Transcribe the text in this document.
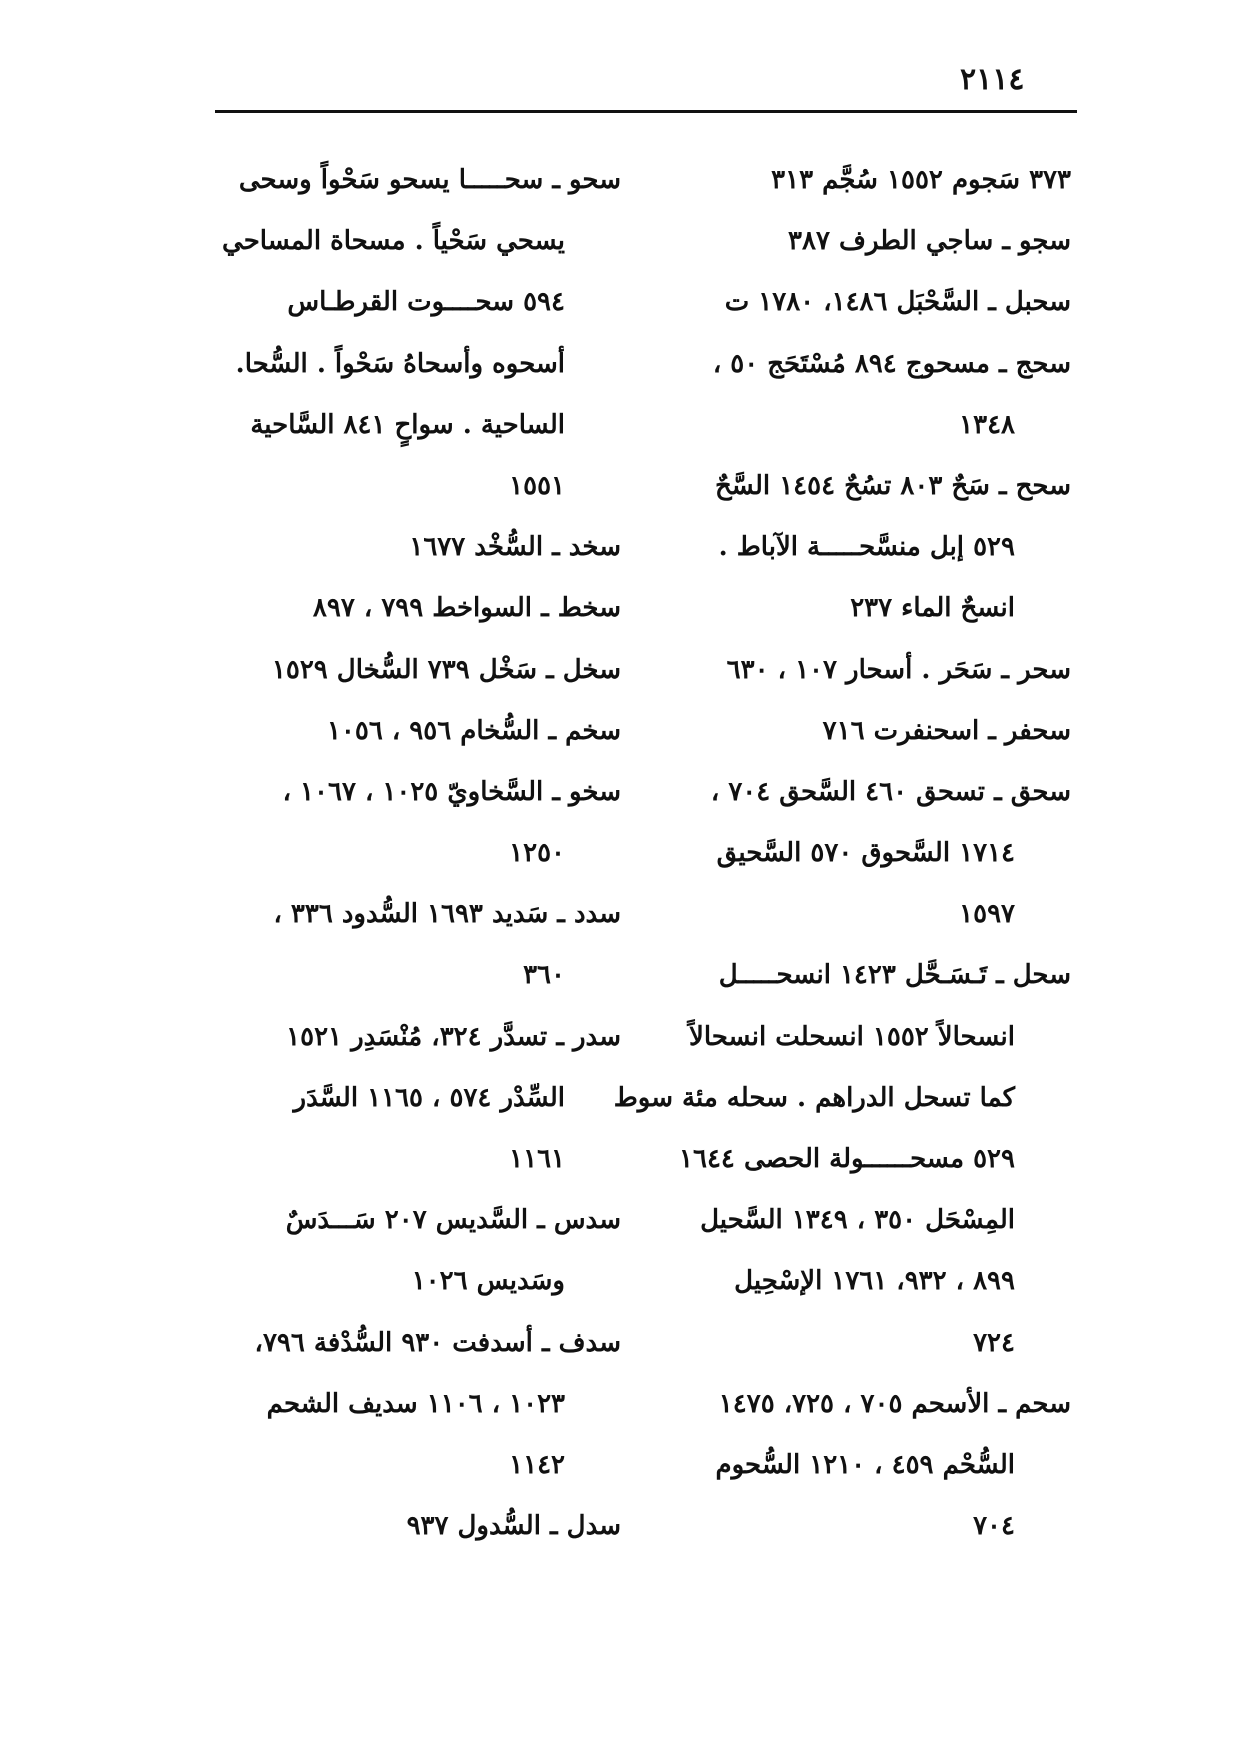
٢١١٤
٣٧٣ سَجوم ١٥٥٢ سُجَّم ٣١٣
سجو ـ ساجي الطرف ٣٨٧
سحبل ـ السَّحْبَل ١٤٨٦، ١٧٨٠ ت
سحج ـ مسحوج ٨٩٤ مُسْتَحَج ٥٠ ،
١٣٤٨
سحح ـ سَحٌ ٨٠٣ تسُحٌ ١٤٥٤ السَّحٌ
٥٢٩ إبل منسَّحـــــة الآباط .
انسحٌ الماء ٢٣٧
سحر ـ سَحَر . أسحار ١٠٧ ، ٦٣٠
سحفر ـ اسحنفرت ٧١٦
سحق ـ تسحق ٤٦٠ السَّحق ٧٠٤ ،
١٧١٤ السَّحوق ٥٧٠ السَّحيق
١٥٩٧
سحل ـ تَـسَـحَّل ١٤٢٣ انسحـــــل
انسحالاً ١٥٥٢ انسحلت انسحالاً
كما تسحل الدراهم . سحله مئة سوط
٥٢٩ مسحــــــولة الحصى ١٦٤٤
المِسْحَل ٣٥٠ ، ١٣٤٩ السَّحيل
٨٩٩ ، ٩٣٢، ١٧٦١ الإسْحِيل
٧٢٤
سحم ـ الأسحم ٧٠٥ ، ٧٢٥، ١٤٧٥
السُّحْم ٤٥٩ ، ١٢١٠ السُّحوم
٧٠٤
سحو ـ سحـــــا يسحو سَحْواً وسحى
يسحي سَحْياً . مسحاة المساحي
٥٩٤ سحــــوت القرطـاس
أسحوه وأسحاهُ سَحْواً . السُّحا.
الساحية . سواحٍ ٨٤١ السَّاحية
١٥٥١
سخد ـ السُّخْد ١٦٧٧
سخط ـ السواخط ٧٩٩ ، ٨٩٧
سخل ـ سَخْل ٧٣٩ السُّخال ١٥٢٩
سخم ـ السُّخام ٩٥٦ ، ١٠٥٦
سخو ـ السَّخاويّ ١٠٢٥ ، ١٠٦٧ ،
١٢٥٠
سدد ـ سَديد ١٦٩٣ السُّدود ٣٣٦ ،
٣٦٠
سدر ـ تسدَّر ٣٢٤، مُنْسَدِر ١٥٢١
السِّدْر ٥٧٤ ، ١١٦٥ السَّدَر
١١٦١
سدس ـ السَّديس ٢٠٧ سَـــدَسٌ
وسَديس ١٠٢٦
سدف ـ أسدفت ٩٣٠ السُّدْفة ٧٩٦،
١٠٢٣ ، ١١٠٦ سديف الشحم
١١٤٢
سدل ـ السُّدول ٩٣٧
